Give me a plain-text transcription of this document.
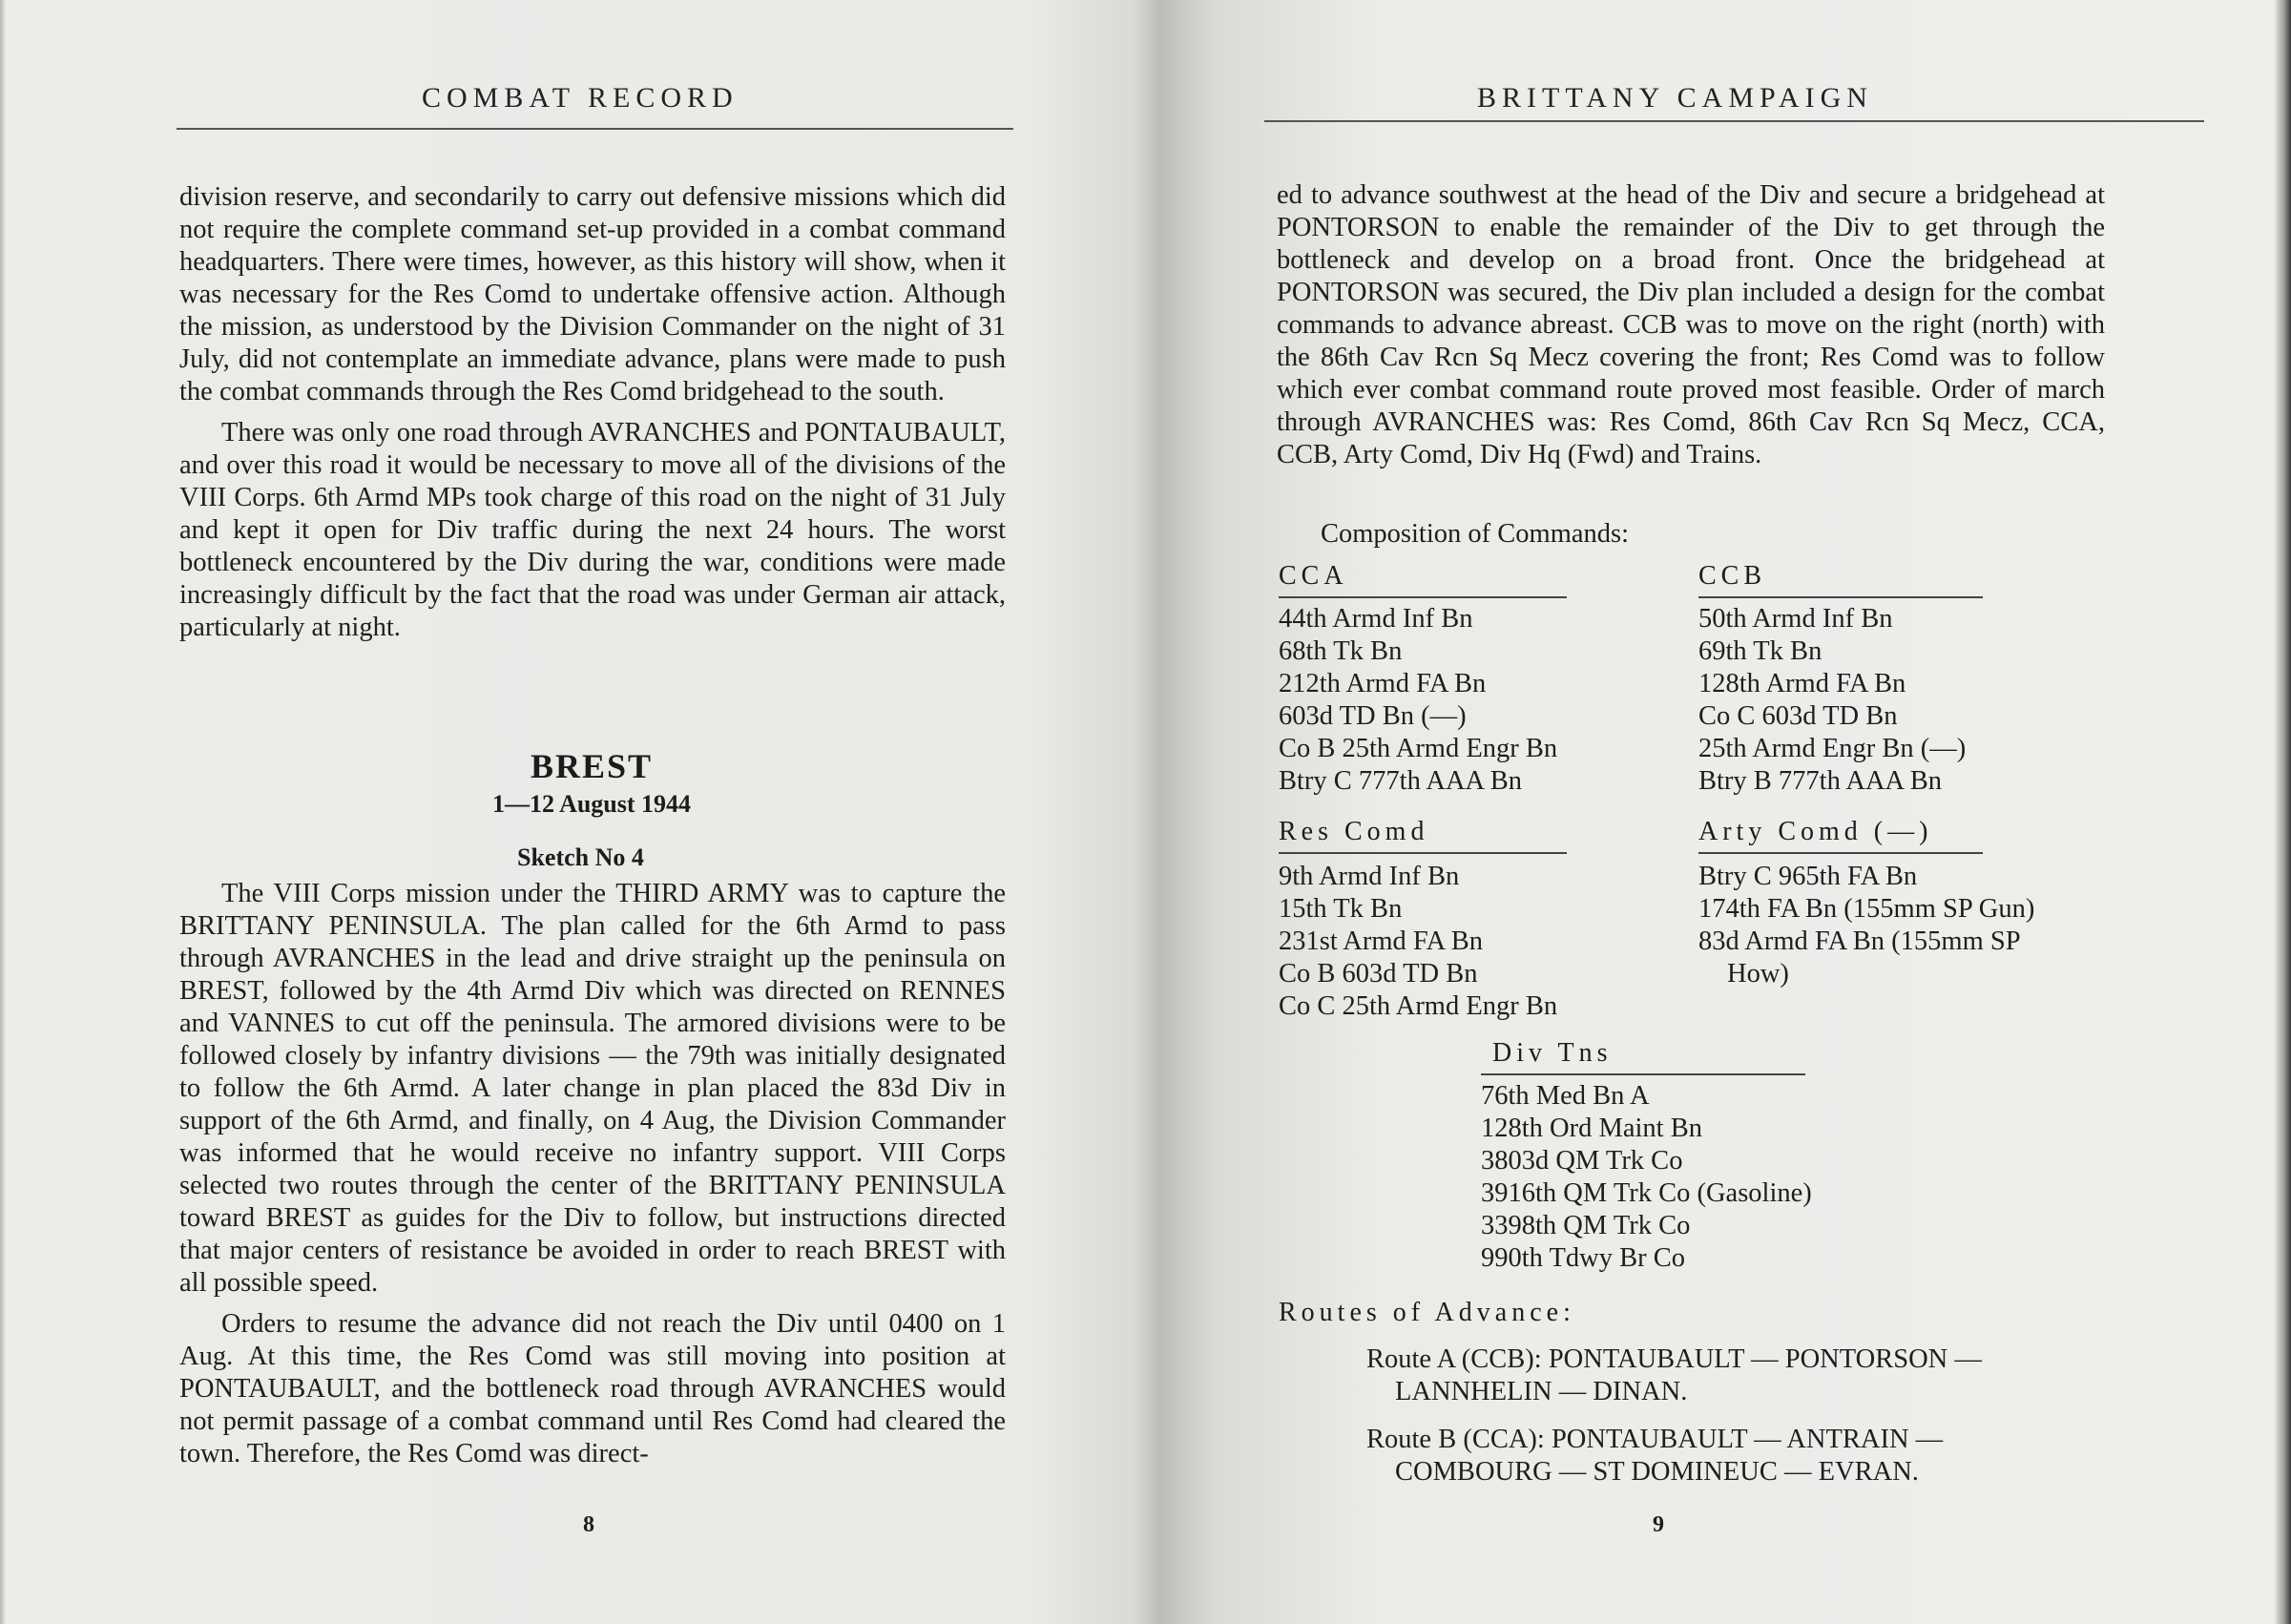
COMBAT RECORD

division reserve, and secondarily to carry out defensive missions which did not require the complete command set-up provided in a combat command headquarters. There were times, however, as this history will show, when it was necessary for the Res Comd to undertake offensive action. Although the mission, as understood by the Division Commander on the night of 31 July, did not contemplate an immediate advance, plans were made to push the combat commands through the Res Comd bridgehead to the south.

There was only one road through AVRANCHES and PONTAUBAULT, and over this road it would be necessary to move all of the divisions of the VIII Corps. 6th Armd MPs took charge of this road on the night of 31 July and kept it open for Div traffic during the next 24 hours. The worst bottleneck encountered by the Div during the war, conditions were made increasingly difficult by the fact that the road was under German air attack, particularly at night.

BREST
1—12 August 1944
Sketch No 4

The VIII Corps mission under the THIRD ARMY was to capture the BRITTANY PENINSULA. The plan called for the 6th Armd to pass through AVRANCHES in the lead and drive straight up the peninsula on BREST, followed by the 4th Armd Div which was directed on RENNES and VANNES to cut off the peninsula. The armored divisions were to be followed closely by infantry divisions — the 79th was initially designated to follow the 6th Armd. A later change in plan placed the 83d Div in support of the 6th Armd, and finally, on 4 Aug, the Division Commander was informed that he would receive no infantry support. VIII Corps selected two routes through the center of the BRITTANY PENINSULA toward BREST as guides for the Div to follow, but instructions directed that major centers of resistance be avoided in order to reach BREST with all possible speed.

Orders to resume the advance did not reach the Div until 0400 on 1 Aug. At this time, the Res Comd was still moving into position at PONTAUBAULT, and the bottleneck road through AVRANCHES would not permit passage of a combat command until Res Comd had cleared the town. Therefore, the Res Comd was direct-

8
BRITTANY CAMPAIGN

ed to advance southwest at the head of the Div and secure a bridgehead at PONTORSON to enable the remainder of the Div to get through the bottleneck and develop on a broad front. Once the bridgehead at PONTORSON was secured, the Div plan included a design for the combat commands to advance abreast. CCB was to move on the right (north) with the 86th Cav Rcn Sq Mecz covering the front; Res Comd was to follow which ever combat command route proved most feasible. Order of march through AVRANCHES was: Res Comd, 86th Cav Rcn Sq Mecz, CCA, CCB, Arty Comd, Div Hq (Fwd) and Trains.

Composition of Commands:
CCA
44th Armd Inf Bn
68th Tk Bn
212th Armd FA Bn
603d TD Bn (—)
Co B 25th Armd Engr Bn
Btry C 777th AAA Bn
CCB
50th Armd Inf Bn
69th Tk Bn
128th Armd FA Bn
Co C 603d TD Bn
25th Armd Engr Bn (—)
Btry B 777th AAA Bn
Res Comd
9th Armd Inf Bn
15th Tk Bn
231st Armd FA Bn
Co B 603d TD Bn
Co C 25th Armd Engr Bn
Arty Comd (—)
Btry C 965th FA Bn
174th FA Bn (155mm SP Gun)
83d Armd FA Bn (155mm SP
How)
Div Tns
76th Med Bn A
128th Ord Maint Bn
3803d QM Trk Co
3916th QM Trk Co (Gasoline)
3398th QM Trk Co
990th Tdwy Br Co
Routes of Advance:
Route A (CCB): PONTAUBAULT — PONTORSON —
LANNHELIN — DINAN.
Route B (CCA): PONTAUBAULT — ANTRAIN —
COMBOURG — ST DOMINEUC — EVRAN.
9
